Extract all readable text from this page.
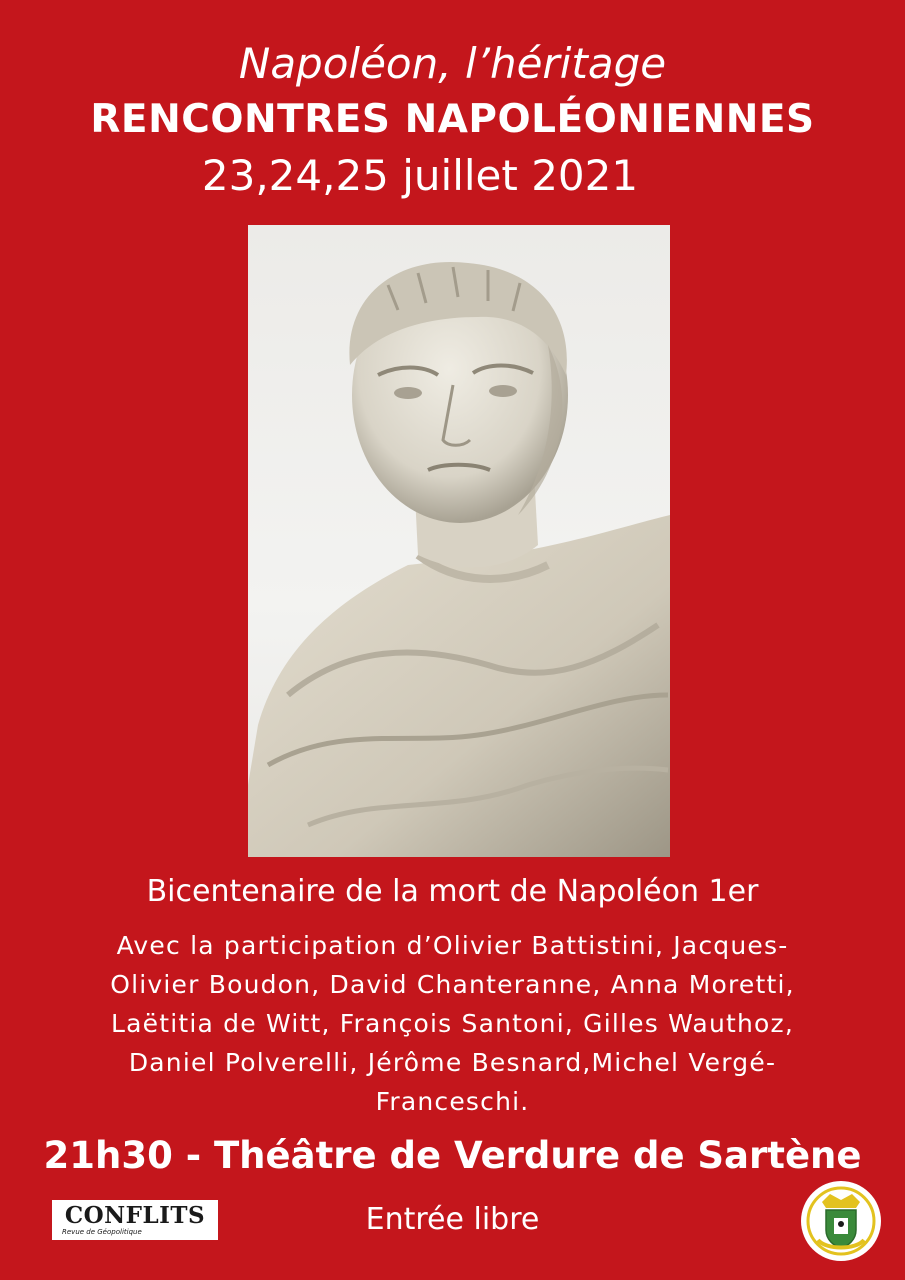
Napoléon, l’héritage
RENCONTRES NAPOLÉONIENNES
23,24,25 juillet 2021
Bicentenaire de la mort de Napoléon 1er
Avec la participation d’Olivier Battistini, Jacques-
Olivier Boudon, David Chanteranne, Anna Moretti,
Laëtitia de Witt, François Santoni, Gilles Wauthoz,
Daniel Polverelli, Jérôme Besnard,Michel Vergé-
Franceschi.
21h30 - Théâtre de Verdure de Sartène
CONFLITS
Revue de Géopolitique	Entrée libre
